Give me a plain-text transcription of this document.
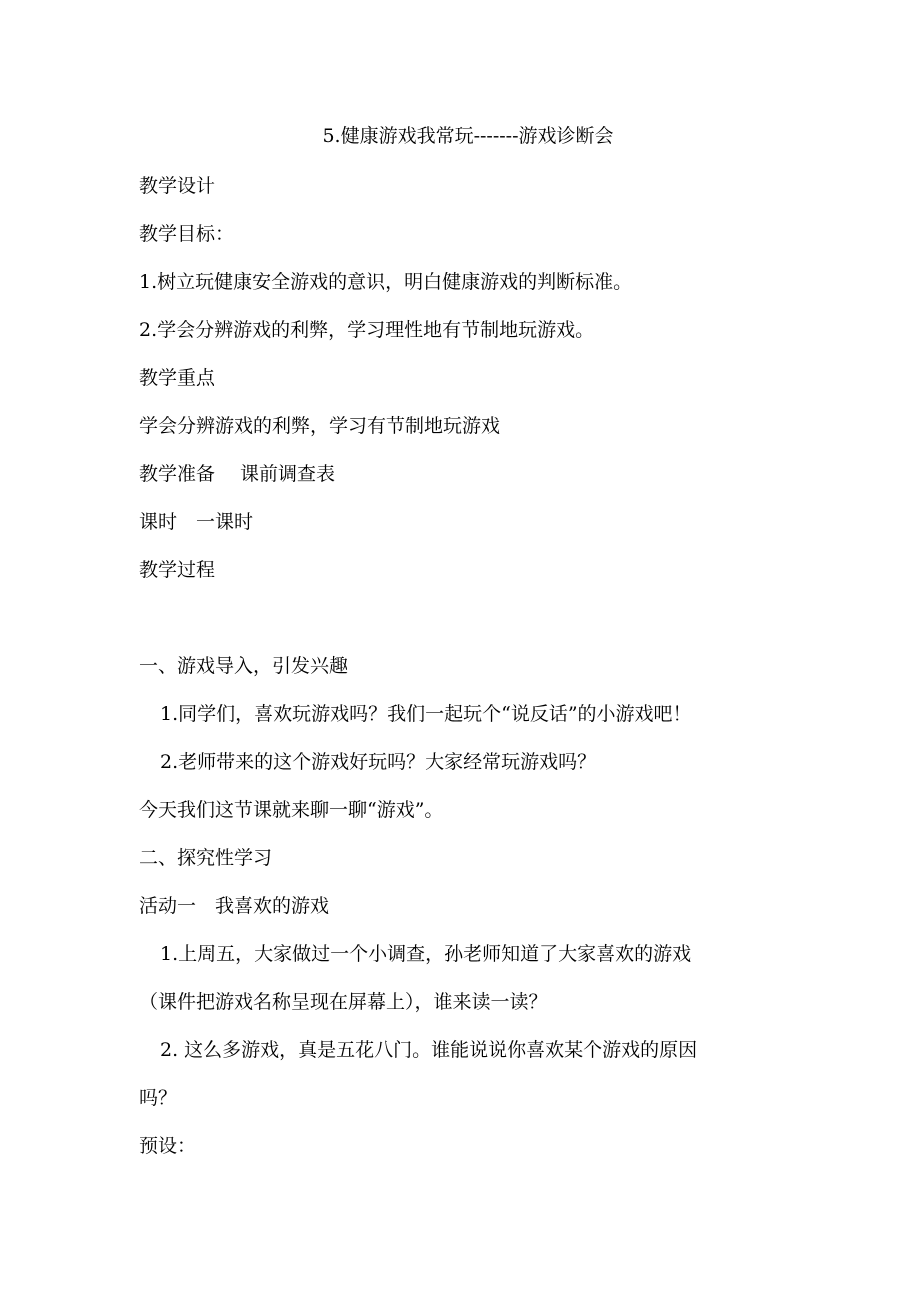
5.健康游戏我常玩-------游戏诊断会
教学设计
教学目标：
1.树立玩健康安全游戏的意识，明白健康游戏的判断标准。
2.学会分辨游戏的利弊，学习理性地有节制地玩游戏。
教学重点
学会分辨游戏的利弊，学习有节制地玩游戏
教学准备　 课前调查表
课时　一课时
教学过程
一、游戏导入，引发兴趣
1.同学们，喜欢玩游戏吗？我们一起玩个“说反话”的小游戏吧！
2.老师带来的这个游戏好玩吗？大家经常玩游戏吗？
今天我们这节课就来聊一聊“游戏”。
二、探究性学习
活动一　我喜欢的游戏
1.上周五，大家做过一个小调查，孙老师知道了大家喜欢的游戏
（课件把游戏名称呈现在屏幕上），谁来读一读？
2. 这么多游戏，真是五花八门。谁能说说你喜欢某个游戏的原因
吗？
预设：
